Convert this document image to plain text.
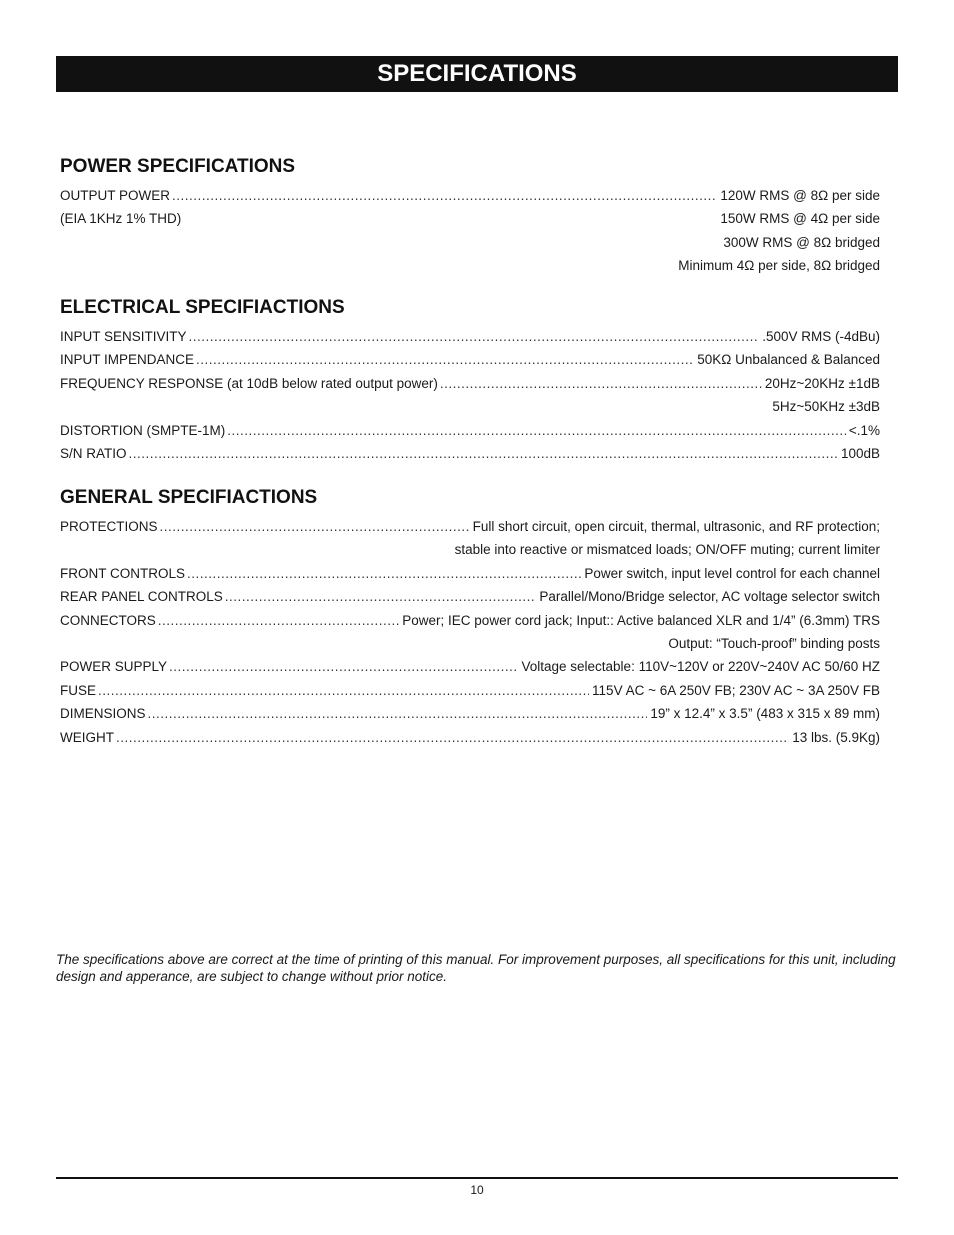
SPECIFICATIONS
POWER SPECIFICATIONS
OUTPUT POWER .....	120W RMS @ 8Ω per side
(EIA 1KHz 1% THD)	150W RMS @ 4Ω per side
300W RMS @ 8Ω bridged
Minimum 4Ω per side, 8Ω bridged
ELECTRICAL SPECIFIACTIONS
INPUT SENSITIVITY .....	.500V RMS (-4dBu)
INPUT IMPENDANCE .....	50KΩ Unbalanced & Balanced
FREQUENCY RESPONSE (at 10dB below rated output power) .....	20Hz~20KHz ±1dB
5Hz~50KHz ±3dB
DISTORTION (SMPTE-1M) .....	<.1%
S/N RATIO .....	100dB
GENERAL SPECIFIACTIONS
PROTECTIONS .....	Full short circuit, open circuit, thermal, ultrasonic, and RF protection;
stable into reactive or mismatced loads; ON/OFF muting; current limiter
FRONT CONTROLS .....	Power switch, input level control for each channel
REAR PANEL CONTROLS .....	Parallel/Mono/Bridge selector, AC voltage selector switch
CONNECTORS .....	Power; IEC power cord jack; Input:: Active balanced XLR and 1/4” (6.3mm) TRS
Output: “Touch-proof” binding posts
POWER SUPPLY .....	Voltage selectable: 110V~120V or 220V~240V AC 50/60 HZ
FUSE .....	115V AC ~ 6A 250V FB; 230V AC ~ 3A 250V FB
DIMENSIONS .....	19” x 12.4” x 3.5” (483 x 315 x 89 mm)
WEIGHT .....	13 lbs. (5.9Kg)
The specifications above are correct at the time of printing of this manual. For improvement purposes, all specifications for this unit, including design and apperance, are subject to change without prior notice.
10
